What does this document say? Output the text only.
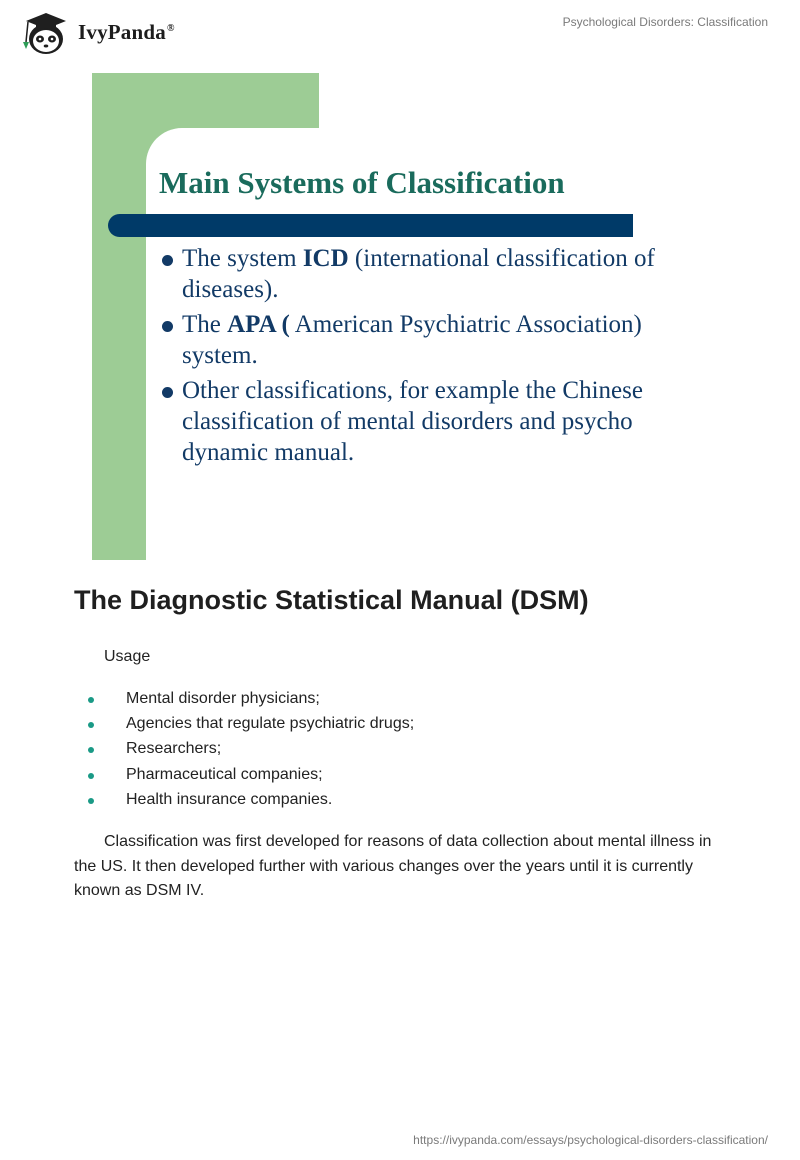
IvyPanda®	Psychological Disorders: Classification
Main Systems of Classification
The system ICD (international classification of diseases).
The APA ( American Psychiatric Association) system.
Other classifications, for example the Chinese classification of mental disorders and psycho dynamic manual.
The Diagnostic Statistical Manual (DSM)
Usage
Mental disorder physicians;
Agencies that regulate psychiatric drugs;
Researchers;
Pharmaceutical companies;
Health insurance companies.

Classification was first developed for reasons of data collection about mental illness in the US. It then developed further with various changes over the years until it is currently known as DSM IV.

https://ivypanda.com/essays/psychological-disorders-classification/
